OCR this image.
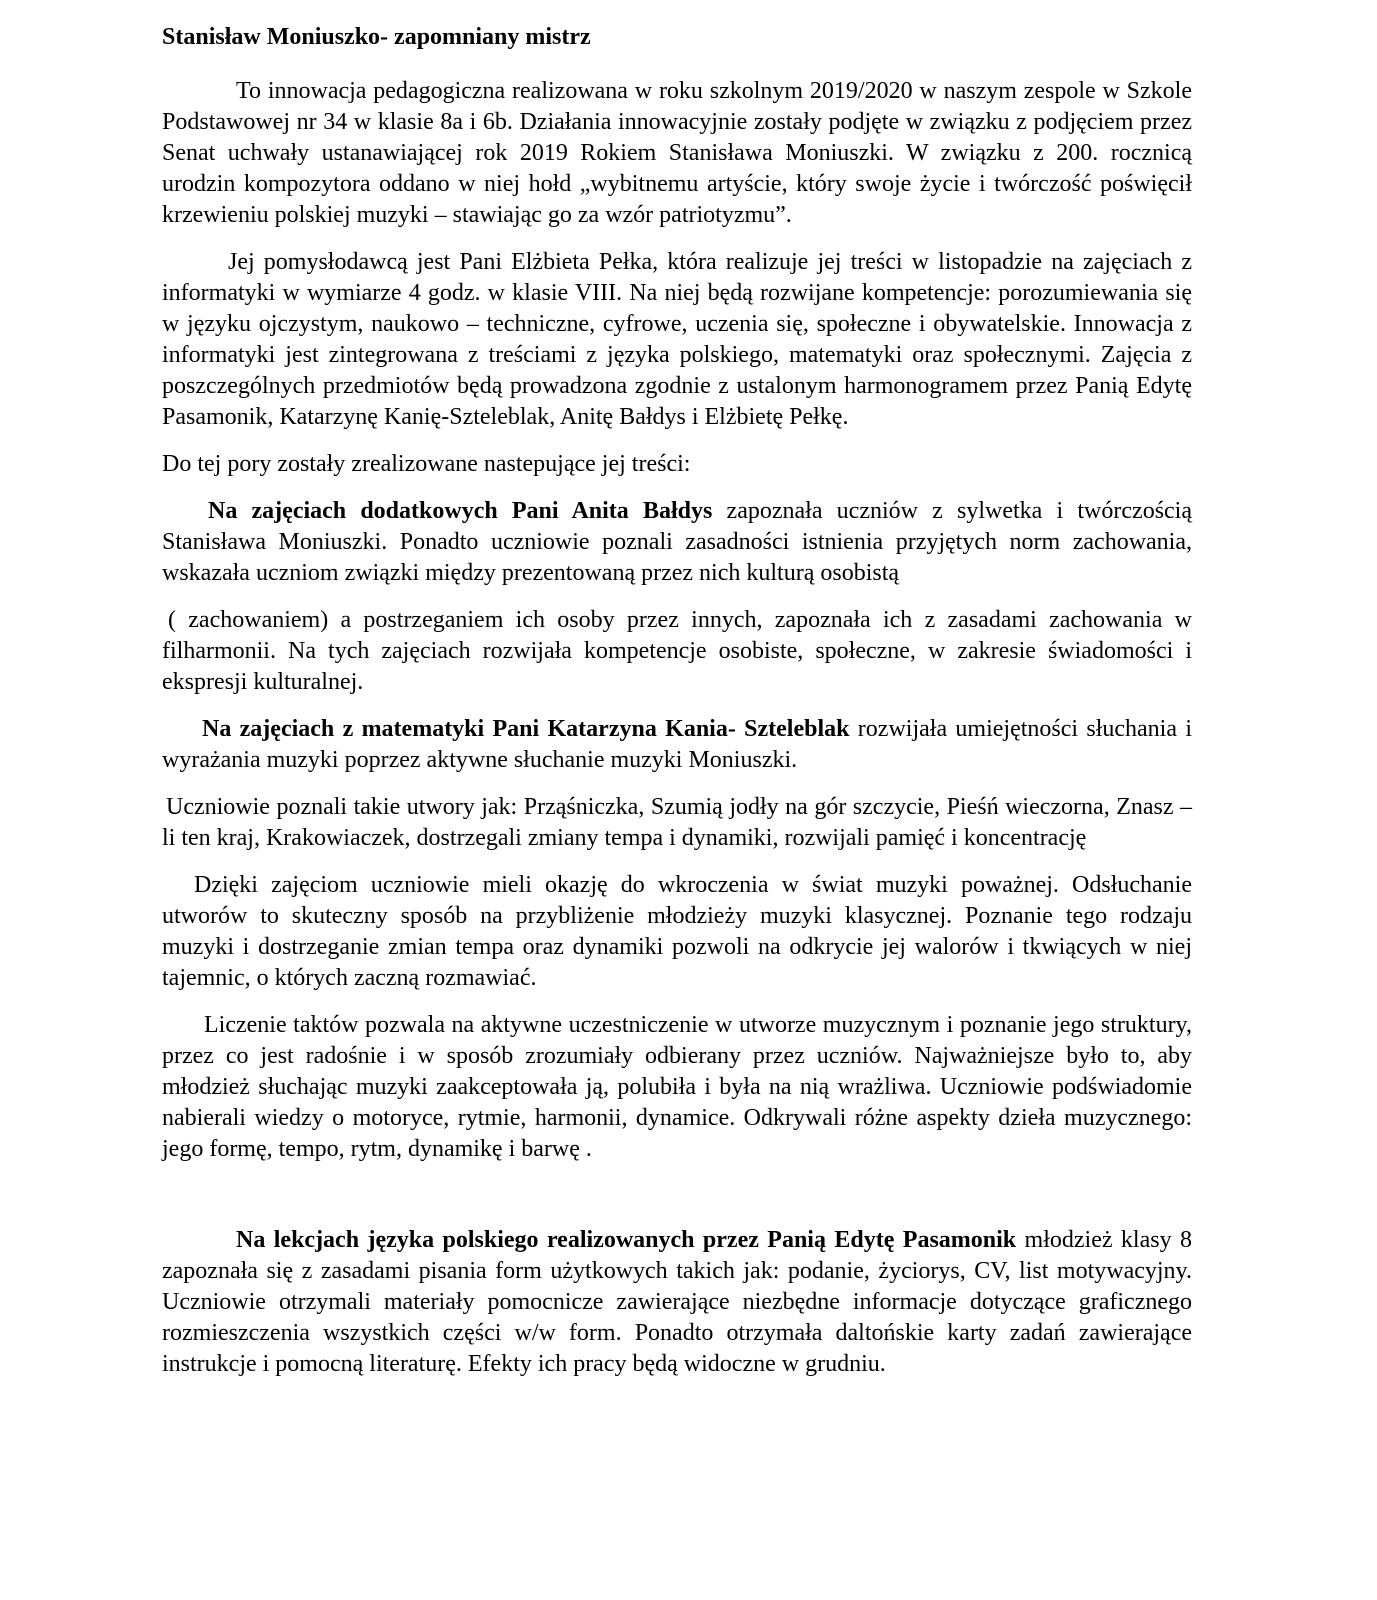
Stanisław Moniuszko- zapomniany mistrz

To innowacja pedagogiczna realizowana w roku szkolnym 2019/2020 w naszym zespole w Szkole Podstawowej nr 34 w klasie 8a i 6b. Działania innowacyjnie zostały podjęte w związku z podjęciem przez Senat uchwały ustanawiającej rok 2019 Rokiem Stanisława Moniuszki. W związku z 200. rocznicą urodzin kompozytora oddano w niej hołd „wybitnemu artyście, który swoje życie i twórczość poświęcił krzewieniu polskiej muzyki – stawiając go za wzór patriotyzmu”.

Jej pomysłodawcą jest Pani Elżbieta Pełka, która realizuje jej treści w listopadzie na zajęciach z informatyki w wymiarze 4 godz. w klasie VIII. Na niej będą rozwijane kompetencje: porozumiewania się w języku ojczystym, naukowo – techniczne, cyfrowe, uczenia się, społeczne i obywatelskie. Innowacja z informatyki jest zintegrowana z treściami z języka polskiego, matematyki oraz społecznymi. Zajęcia z poszczególnych przedmiotów będą prowadzona zgodnie z ustalonym harmonogramem przez Panią Edytę Pasamonik, Katarzynę Kanię-Szteleblak, Anitę Bałdys i Elżbietę Pełkę.

Do tej pory zostały zrealizowane nastepujące jej treści:

Na zajęciach dodatkowych Pani Anita Bałdys zapoznała uczniów z sylwetka i twórczością Stanisława Moniuszki. Ponadto uczniowie poznali zasadności istnienia przyjętych norm zachowania, wskazała uczniom związki między prezentowaną przez nich kulturą osobistą

( zachowaniem) a postrzeganiem ich osoby przez innych, zapoznała ich z zasadami zachowania w filharmonii. Na tych zajęciach rozwijała kompetencje osobiste, społeczne, w zakresie świadomości i ekspresji kulturalnej.

Na zajęciach z matematyki Pani Katarzyna Kania- Szteleblak rozwijała umiejętności słuchania i wyrażania muzyki poprzez aktywne słuchanie muzyki Moniuszki.

Uczniowie poznali takie utwory jak: Prząśniczka, Szumią jodły na gór szczycie, Pieśń wieczorna, Znasz – li ten kraj, Krakowiaczek, dostrzegali zmiany tempa i dynamiki, rozwijali pamięć i koncentrację

Dzięki zajęciom uczniowie mieli okazję do wkroczenia w świat muzyki poważnej. Odsłuchanie utworów to skuteczny sposób na przybliżenie młodzieży muzyki klasycznej. Poznanie tego rodzaju muzyki i dostrzeganie zmian tempa oraz dynamiki pozwoli na odkrycie jej walorów i tkwiących w niej tajemnic, o których zaczną rozmawiać.

Liczenie taktów pozwala na aktywne uczestniczenie w utworze muzycznym i poznanie jego struktury, przez co jest radośnie i w sposób zrozumiały odbierany przez uczniów. Najważniejsze było to, aby młodzież słuchając muzyki zaakceptowała ją, polubiła i była na nią wrażliwa. Uczniowie podświadomie nabierali wiedzy o motoryce, rytmie, harmonii, dynamice. Odkrywali różne aspekty dzieła muzycznego: jego formę, tempo, rytm, dynamikę i barwę .

Na lekcjach języka polskiego realizowanych przez Panią Edytę Pasamonik młodzież klasy 8 zapoznała się z zasadami pisania form użytkowych takich jak: podanie, życiorys, CV, list motywacyjny. Uczniowie otrzymali materiały pomocnicze zawierające niezbędne informacje dotyczące graficznego rozmieszczenia wszystkich części w/w form. Ponadto otrzymała daltońskie karty zadań zawierające instrukcje i pomocną literaturę. Efekty ich pracy będą widoczne w grudniu.
